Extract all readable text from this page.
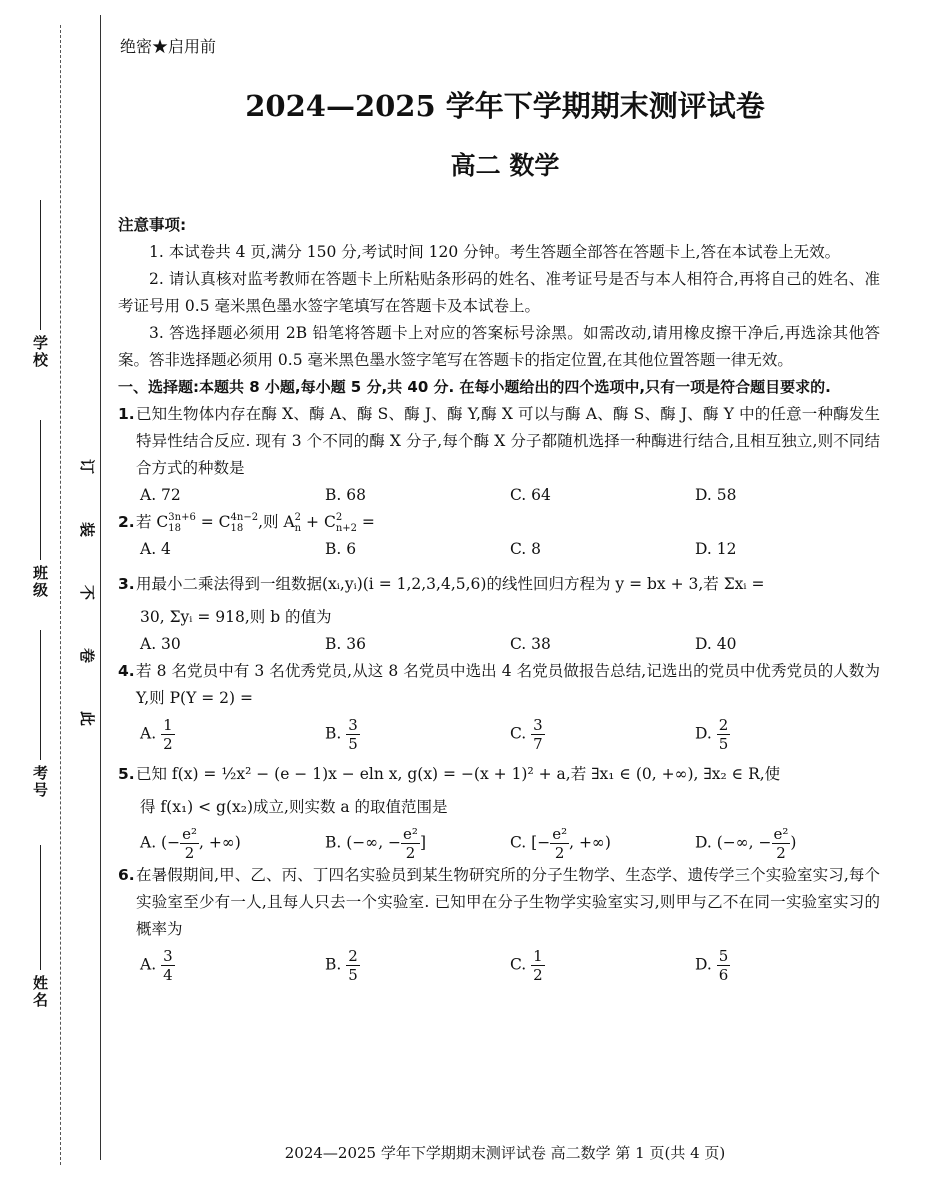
学校
班级
考号
姓名
订
装
不
卷
此
绝密★启用前
2024—2025 学年下学期期末测评试卷
高二 数学
注意事项:

1. 本试卷共 4 页,满分 150 分,考试时间 120 分钟。考生答题全部答在答题卡上,答在本试卷上无效。

2. 请认真核对监考教师在答题卡上所粘贴条形码的姓名、准考证号是否与本人相符合,再将自己的姓名、准考证号用 0.5 毫米黑色墨水签字笔填写在答题卡及本试卷上。

3. 答选择题必须用 2B 铅笔将答题卡上对应的答案标号涂黑。如需改动,请用橡皮擦干净后,再选涂其他答案。答非选择题必须用 0.5 毫米黑色墨水签字笔写在答题卡的指定位置,在其他位置答题一律无效。

一、选择题:本题共 8 小题,每小题 5 分,共 40 分. 在每小题给出的四个选项中,只有一项是符合题目要求的.
1. 已知生物体内存在酶 X、酶 A、酶 S、酶 J、酶 Y,酶 X 可以与酶 A、酶 S、酶 J、酶 Y 中的任意一种酶发生特异性结合反应. 现有 3 个不同的酶 X 分子,每个酶 X 分子都随机选择一种酶进行结合,且相互独立,则不同结合方式的种数是
A. 72	B. 68	C. 64	D. 58
2. 若 C 3n+6
18 = C 4n−2
18 ,则 A 2
n + C 2
n+2 =
A. 4	B. 6	C. 8	D. 12
3. 用最小二乘法得到一组数据(xᵢ,yᵢ)(i = 1,2,3,4,5,6)的线性回归方程为 y = bx + 3,若 Σxᵢ =
30, Σyᵢ = 918,则 b 的值为
A. 30	B. 36	C. 38	D. 40
4. 若 8 名党员中有 3 名优秀党员,从这 8 名党员中选出 4 名党员做报告总结,记选出的党员中优秀党员的人数为 Y,则 P(Y = 2) =
A. $\frac{1}{2}$	B. $\frac{3}{5}$	C. $\frac{3}{7}$	D. $\frac{2}{5}$
5. 已知 f(x) = ½x² − (e − 1)x − eln x, g(x) = −(x + 1)² + a,若 ∃x₁ ∈ (0, +∞), ∃x₂ ∈ R,使
得 f(x₁) < g(x₂)成立,则实数 a 的取值范围是
A. (− $\frac{\text{e²}}{2}$ , +∞)	B. (−∞, − $\frac{\text{e²}}{2}$ ]	C. [− $\frac{\text{e²}}{2}$ , +∞)	D. (−∞, − $\frac{\text{e²}}{2}$ )
6. 在暑假期间,甲、乙、丙、丁四名实验员到某生物研究所的分子生物学、生态学、遗传学三个实验室实习,每个实验室至少有一人,且每人只去一个实验室. 已知甲在分子生物学实验室实习,则甲与乙不在同一实验室实习的概率为
A. $\frac{3}{4}$	B. $\frac{2}{5}$	C. $\frac{1}{2}$	D. $\frac{5}{6}$
2024—2025 学年下学期期末测评试卷 高二数学 第 1 页(共 4 页)
